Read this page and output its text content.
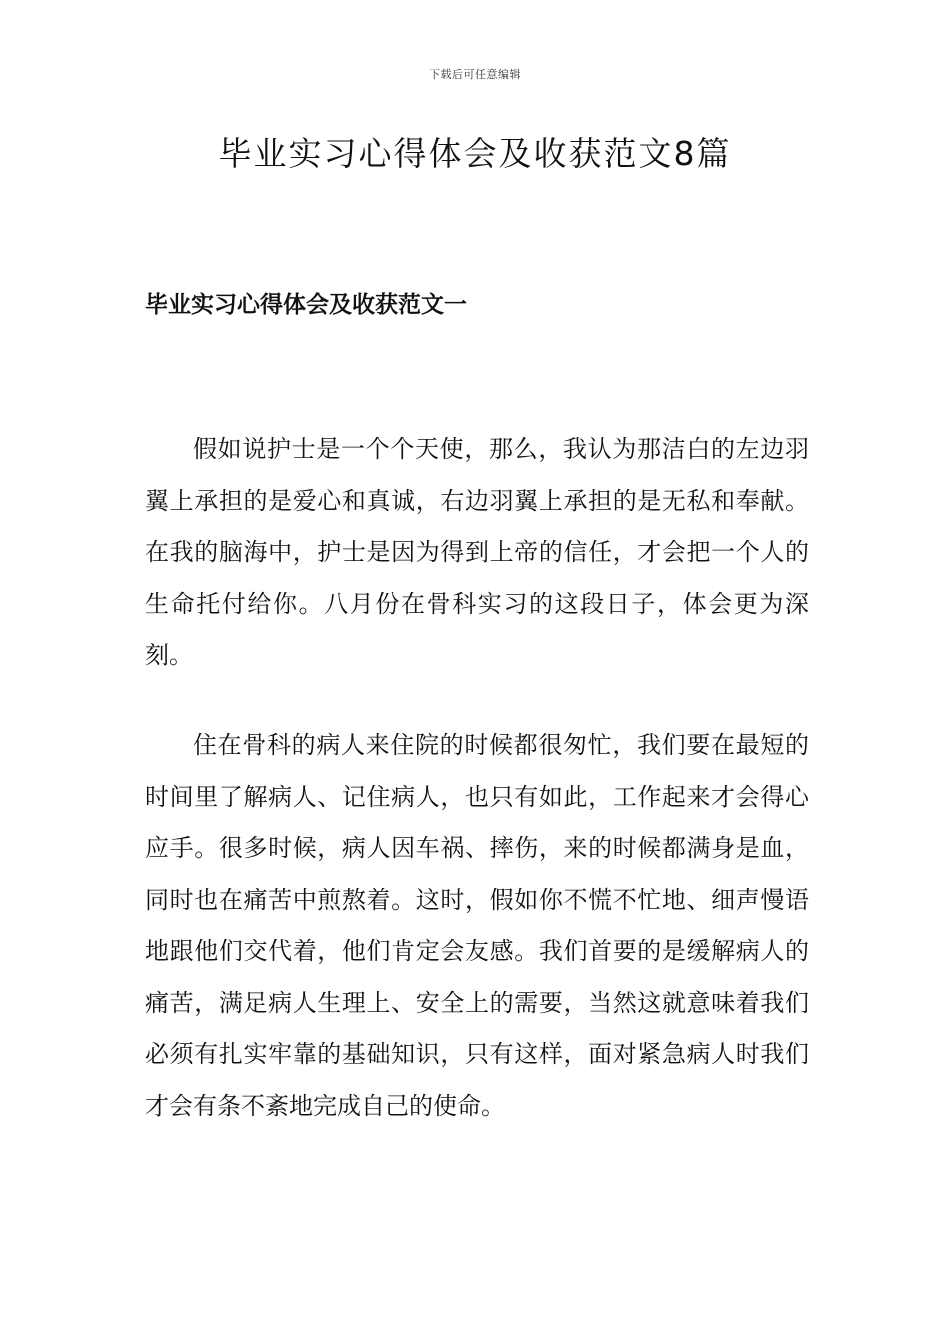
下载后可任意编辑
毕业实习心得体会及收获范文8篇
毕业实习心得体会及收获范文一

假如说护士是一个个天使，那么，我认为那洁白的左边羽翼上承担的是爱心和真诚，右边羽翼上承担的是无私和奉献。在我的脑海中，护士是因为得到上帝的信任，才会把一个人的生命托付给你。八月份在骨科实习的这段日子，体会更为深刻。

住在骨科的病人来住院的时候都很匆忙，我们要在最短的时间里了解病人、记住病人，也只有如此，工作起来才会得心应手。很多时候，病人因车祸、摔伤，来的时候都满身是血，同时也在痛苦中煎熬着。这时，假如你不慌不忙地、细声慢语地跟他们交代着，他们肯定会友感。我们首要的是缓解病人的痛苦，满足病人生理上、安全上的需要，当然这就意味着我们必须有扎实牢靠的基础知识，只有这样，面对紧急病人时我们才会有条不紊地完成自己的使命。
